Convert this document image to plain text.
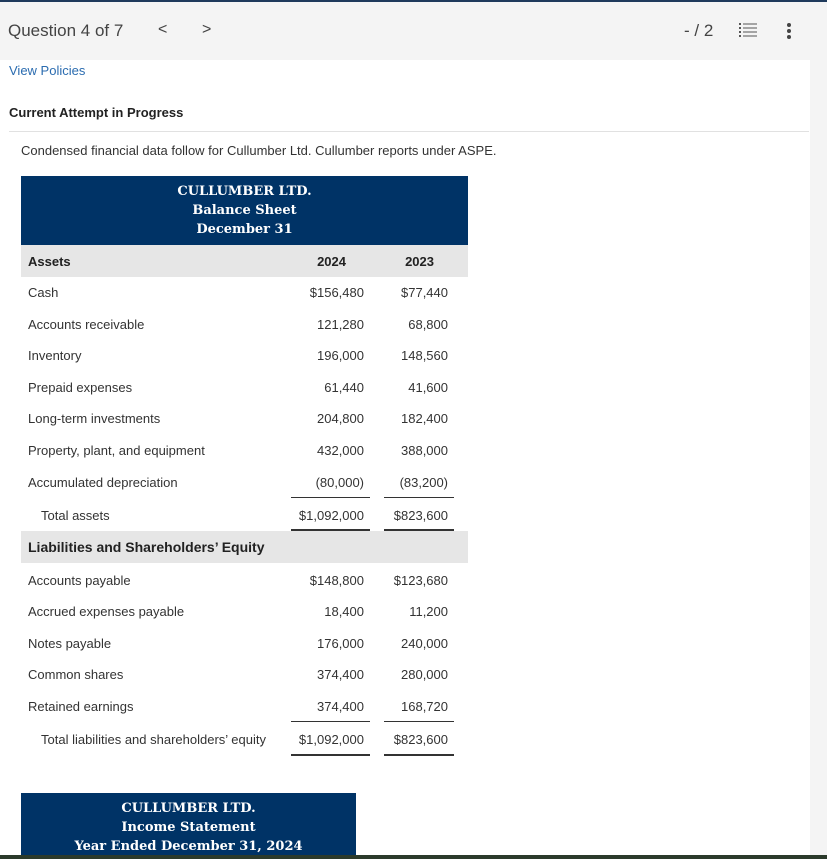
Question 4 of 7 < >	- / 2
View Policies
Current Attempt in Progress
Condensed financial data follow for Cullumber Ltd. Cullumber reports under ASPE.
CULLUMBER LTD.
Balance Sheet
December 31
Assets	2024	2023
Cash	$156,480	$77,440
Accounts receivable	121,280	68,800
Inventory	196,000	148,560
Prepaid expenses	61,440	41,600
Long-term investments	204,800	182,400
Property, plant, and equipment	432,000	388,000
Accumulated depreciation	(80,000)	(83,200)
Total assets	$1,092,000 $823,600
Liabilities and Shareholders’ Equity
Accounts payable	$148,800 $123,680
Accrued expenses payable	18,400	11,200
Notes payable	176,000	240,000
Common shares	374,400	280,000
Retained earnings	374,400	168,720
Total liabilities and shareholders’ equity	$1,092,000 $823,600
CULLUMBER LTD.
Income Statement
Year Ended December 31, 2024
